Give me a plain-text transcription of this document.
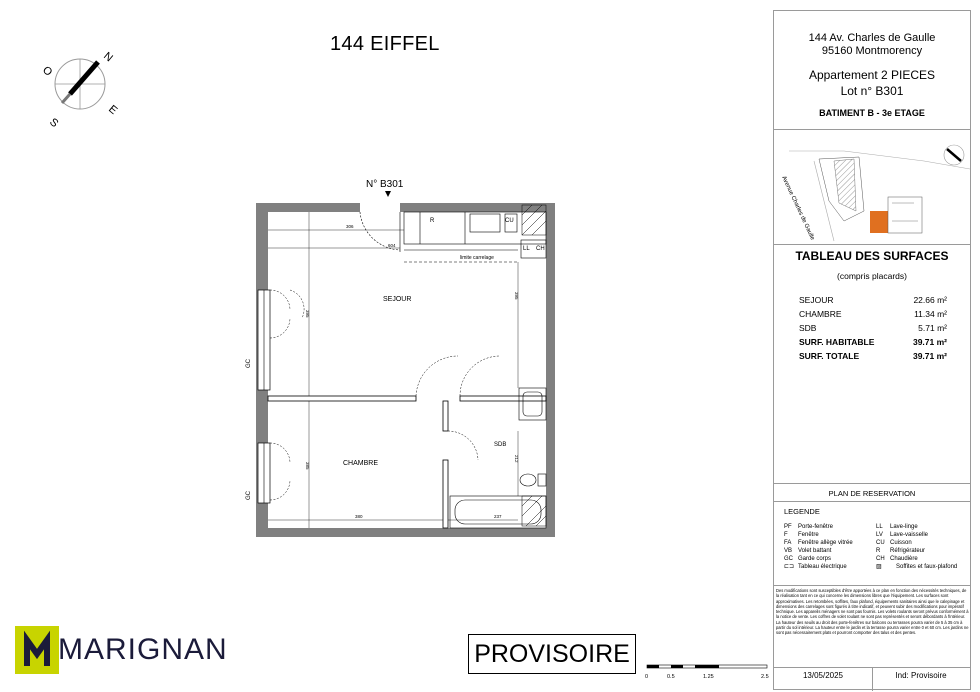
144 EIFFEL
N
O
E
S
N° B301
R	CU
LL CH
limite carrelage
380	237
604
395
385
212
395
306
SEJOUR
CHAMBRE
SDB
GC
GC
0	0.5	1.25	2.5
MARIGNAN	PROVISOIRE
144 Av. Charles de Gaulle
95160 Montmorency
Appartement 2 PIECES
Lot n° B301
BATIMENT B - 3e ETAGE
Avenue Charles de Gaulle
TABLEAU DES SURFACES
(compris placards)
SEJOUR	22.66 m²
CHAMBRE	11.34 m²
SDB	5.71 m²
SURF. HABITABLE	39.71 m²
SURF. TOTALE	39.71 m²
PLAN DE RESERVATION
LEGENDE
PF	Porte-fenêtre
F	Fenêtre
FA	Fenêtre allège vitrée
VB Volet battant
GC Garde corps
⊏⊐ Tableau électrique
LL	Lave-linge
LV	Lave-vaisselle
CU Cuisson
R	Réfrigérateur
CH Chaudière
▨	Soffites et faux-plafond
Des modifications sont susceptibles d'être apportées à ce plan en fonction des nécessités techniques, de la réalisation tant en ce qui concerne les dimensions libres que l'équipement. Les surfaces sont approximatives. Les retombées, soffites, faux plafond, équipements sanitaires ainsi que le calepinage et dimensions des carrelages sont figurés à titre indicatif, et peuvent subir des modifications pour impératif technique. Les appareils ménagers ne sont pas fournis. Les volets roulants seront prévus conformément à la notice de vente. Les coffres de volet roulant ne sont pas représentés et seront débordants à l'intérieur. La hauteur des seuils au droit des porte-fenêtres sur balcons ou terrasses pourra varier de 5 à 35 cm à partir du sol intérieur. La hauteur entre le jardin et la terrasse pourra varier entre 0 et 60 cm. Les jardins ne sont pas nécessairement plats et pourront comporter des talus et des pentes.
13/05/2025	Ind: Provisoire
